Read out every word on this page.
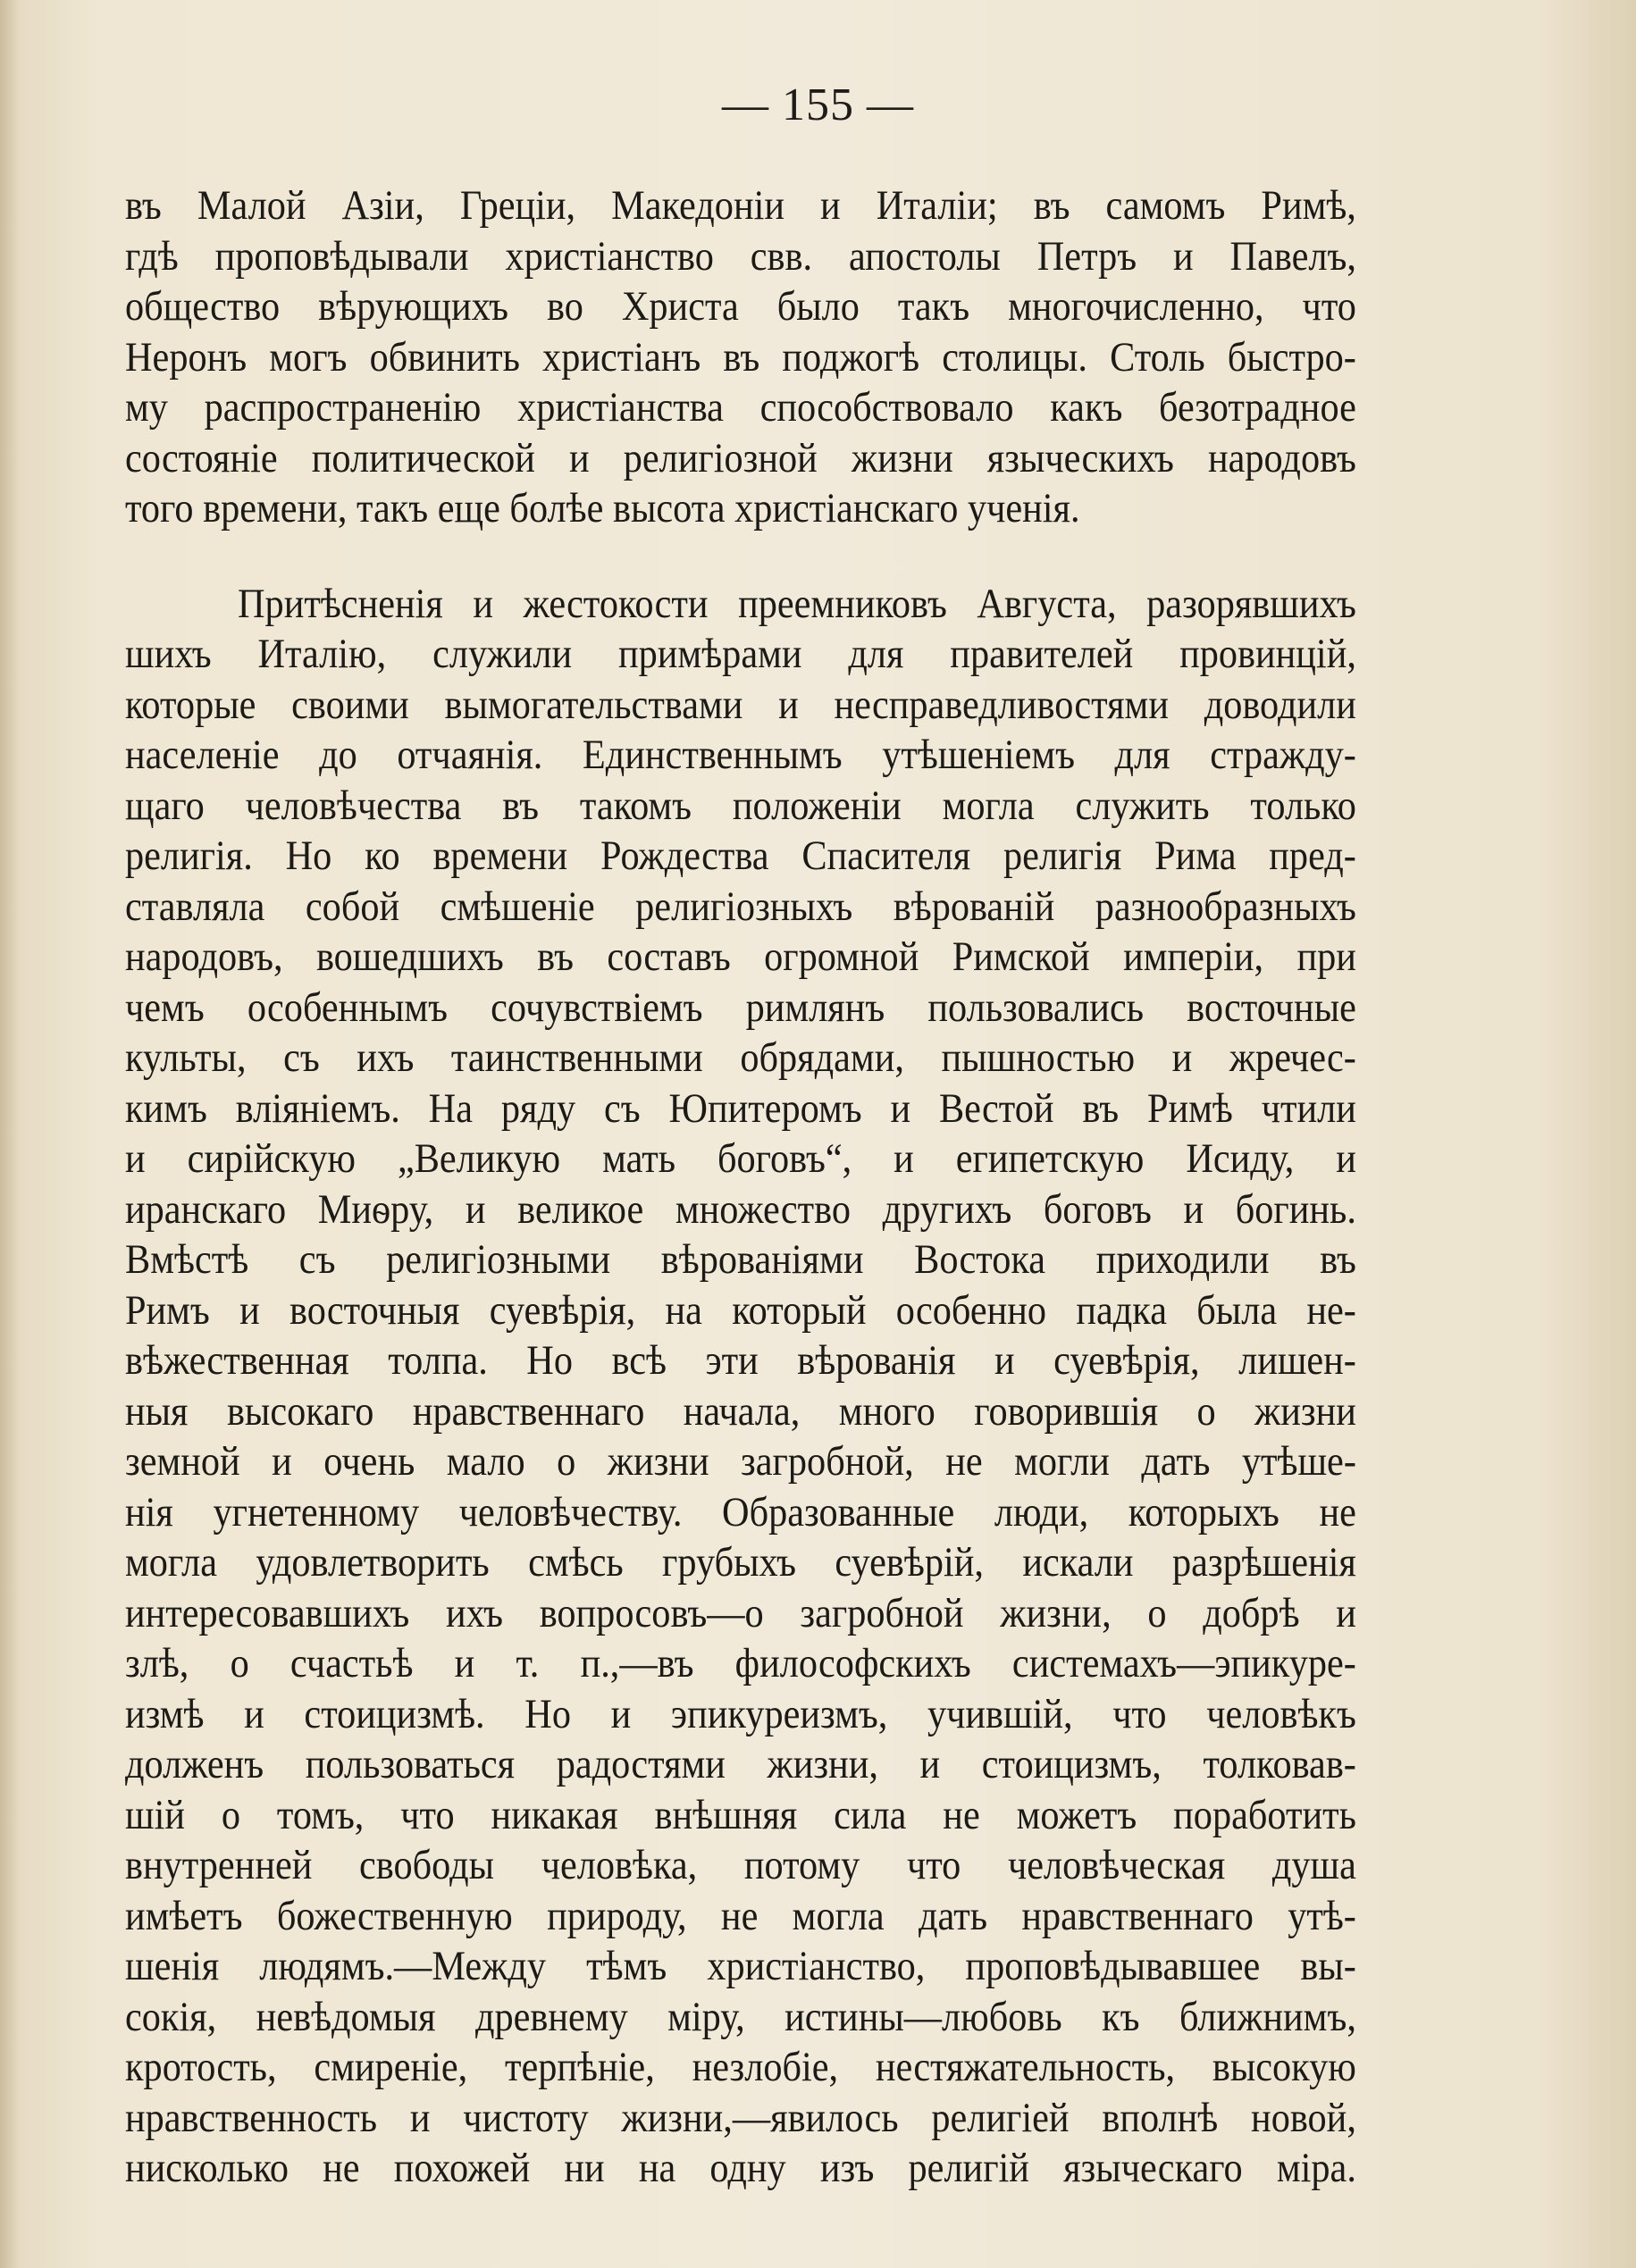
— 155 —
въ Малой Азіи, Греціи, Македоніи и Италіи; въ самомъ Римѣ,
гдѣ проповѣдывали христіанство свв. апостолы Петръ и Павелъ,
общество вѣрующихъ во Христа было такъ многочисленно, что
Неронъ могъ обвинить христіанъ въ поджогѣ столицы. Столь быстро-
му распространенію христіанства способствовало какъ безотрадное
состояніе политической и религіозной жизни языческихъ народовъ
того времени, такъ еще болѣе высота христіанскаго ученія.
Притѣсненія и жестокости преемниковъ Августа, разорявшихъ
шихъ Италію, служили примѣрами для правителей провинцій,
которые своими вымогательствами и несправедливостями доводили
населеніе до отчаянія. Единственнымъ утѣшеніемъ для стражду-
щаго человѣчества въ такомъ положеніи могла служить только
религія. Но ко времени Рождества Спасителя религія Рима пред-
ставляла собой смѣшеніе религіозныхъ вѣрованій разнообразныхъ
народовъ, вошедшихъ въ составъ огромной Римской имперіи, при
чемъ особеннымъ сочувствіемъ римлянъ пользовались восточные
культы, съ ихъ таинственными обрядами, пышностью и жречес-
кимъ вліяніемъ. На ряду съ Юпитеромъ и Вестой въ Римѣ чтили
и сирійскую „Великую мать боговъ“, и египетскую Исиду, и
иранскаго Миѳру, и великое множество другихъ боговъ и богинь.
Вмѣстѣ съ религіозными вѣрованіями Востока приходили въ
Римъ и восточныя суевѣрія, на который особенно падка была не-
вѣжественная толпа. Но всѣ эти вѣрованія и суевѣрія, лишен-
ныя высокаго нравственнаго начала, много говорившія о жизни
земной и очень мало о жизни загробной, не могли дать утѣше-
нія угнетенному человѣчеству. Образованные люди, которыхъ не
могла удовлетворить смѣсь грубыхъ суевѣрій, искали разрѣшенія
интересовавшихъ ихъ вопросовъ—о загробной жизни, о добрѣ и
злѣ, о счастьѣ и т. п.,—въ философскихъ системахъ—эпикуре-
измѣ и стоицизмѣ. Но и эпикуреизмъ, учившій, что человѣкъ
долженъ пользоваться радостями жизни, и стоицизмъ, толковав-
шій о томъ, что никакая внѣшняя сила не можетъ поработить
внутренней свободы человѣка, потому что человѣческая душа
имѣетъ божественную природу, не могла дать нравственнаго утѣ-
шенія людямъ.—Между тѣмъ христіанство, проповѣдывавшее вы-
сокія, невѣдомыя древнему міру, истины—любовь къ ближнимъ,
кротость, смиреніе, терпѣніе, незлобіе, нестяжательность, высокую
нравственность и чистоту жизни,—явилось религіей вполнѣ новой,
нисколько не похожей ни на одну изъ религій языческаго міра.
